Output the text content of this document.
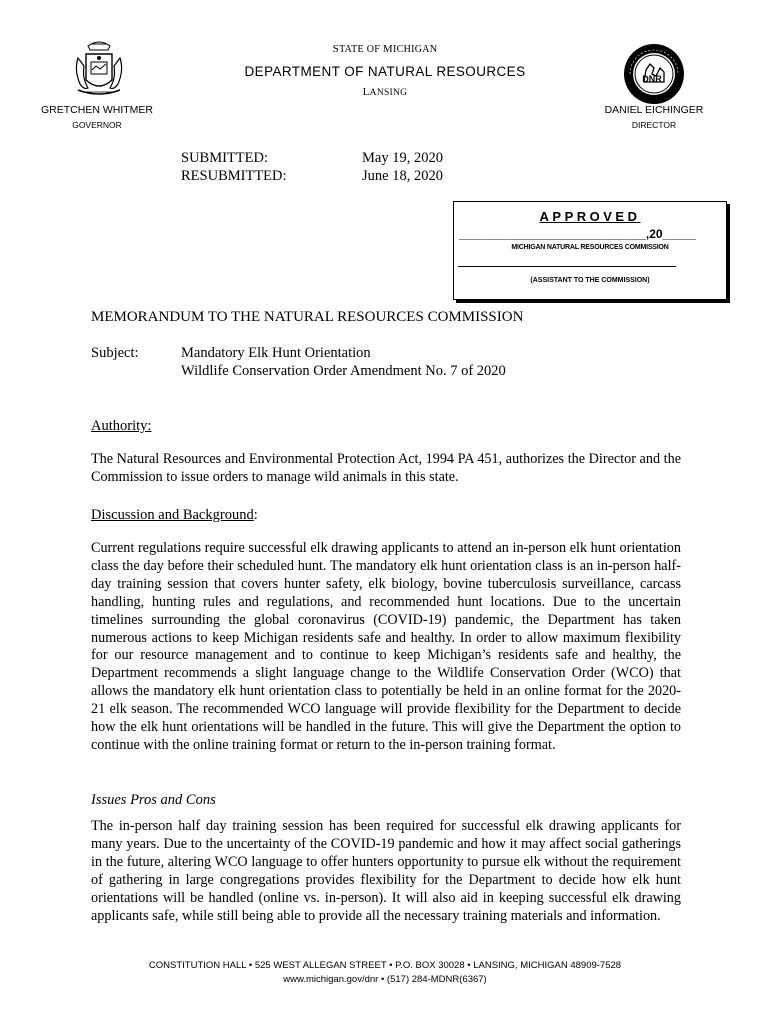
DNR
STATE OF MICHIGAN
DEPARTMENT OF NATURAL RESOURCES
LANSING
GRETCHEN WHITMER
GOVERNOR
DANIEL EICHINGER
DIRECTOR
SUBMITTED:	May 19, 2020
RESUBMITTED:	June 18, 2020
APPROVED
____________________________,20_____
MICHIGAN NATURAL RESOURCES COMMISSION
(ASSISTANT TO THE COMMISSION)
MEMORANDUM TO THE NATURAL RESOURCES COMMISSION
Subject:	Mandatory Elk Hunt Orientation
Wildlife Conservation Order Amendment No. 7 of 2020
Authority:
The Natural Resources and Environmental Protection Act, 1994 PA 451, authorizes the Director and the Commission to issue orders to manage wild animals in this state.
Discussion and Background:
Current regulations require successful elk drawing applicants to attend an in-person elk hunt orientation class the day before their scheduled hunt. The mandatory elk hunt orientation class is an in-person half-day training session that covers hunter safety, elk biology, bovine tuberculosis surveillance, carcass handling, hunting rules and regulations, and recommended hunt locations. Due to the uncertain timelines surrounding the global coronavirus (COVID-19) pandemic, the Department has taken numerous actions to keep Michigan residents safe and healthy. In order to allow maximum flexibility for our resource management and to continue to keep Michigan’s residents safe and healthy, the Department recommends a slight language change to the Wildlife Conservation Order (WCO) that allows the mandatory elk hunt orientation class to potentially be held in an online format for the 2020-21 elk season. The recommended WCO language will provide flexibility for the Department to decide how the elk hunt orientations will be handled in the future. This will give the Department the option to continue with the online training format or return to the in-person training format.
Issues Pros and Cons
The in-person half day training session has been required for successful elk drawing applicants for many years. Due to the uncertainty of the COVID-19 pandemic and how it may affect social gatherings in the future, altering WCO language to offer hunters opportunity to pursue elk without the requirement of gathering in large congregations provides flexibility for the Department to decide how elk hunt orientations will be handled (online vs. in-person). It will also aid in keeping successful elk drawing applicants safe, while still being able to provide all the necessary training materials and information.
CONSTITUTION HALL • 525 WEST ALLEGAN STREET • P.O. BOX 30028 • LANSING, MICHIGAN 48909-7528
www.michigan.gov/dnr • (517) 284-MDNR(6367)
